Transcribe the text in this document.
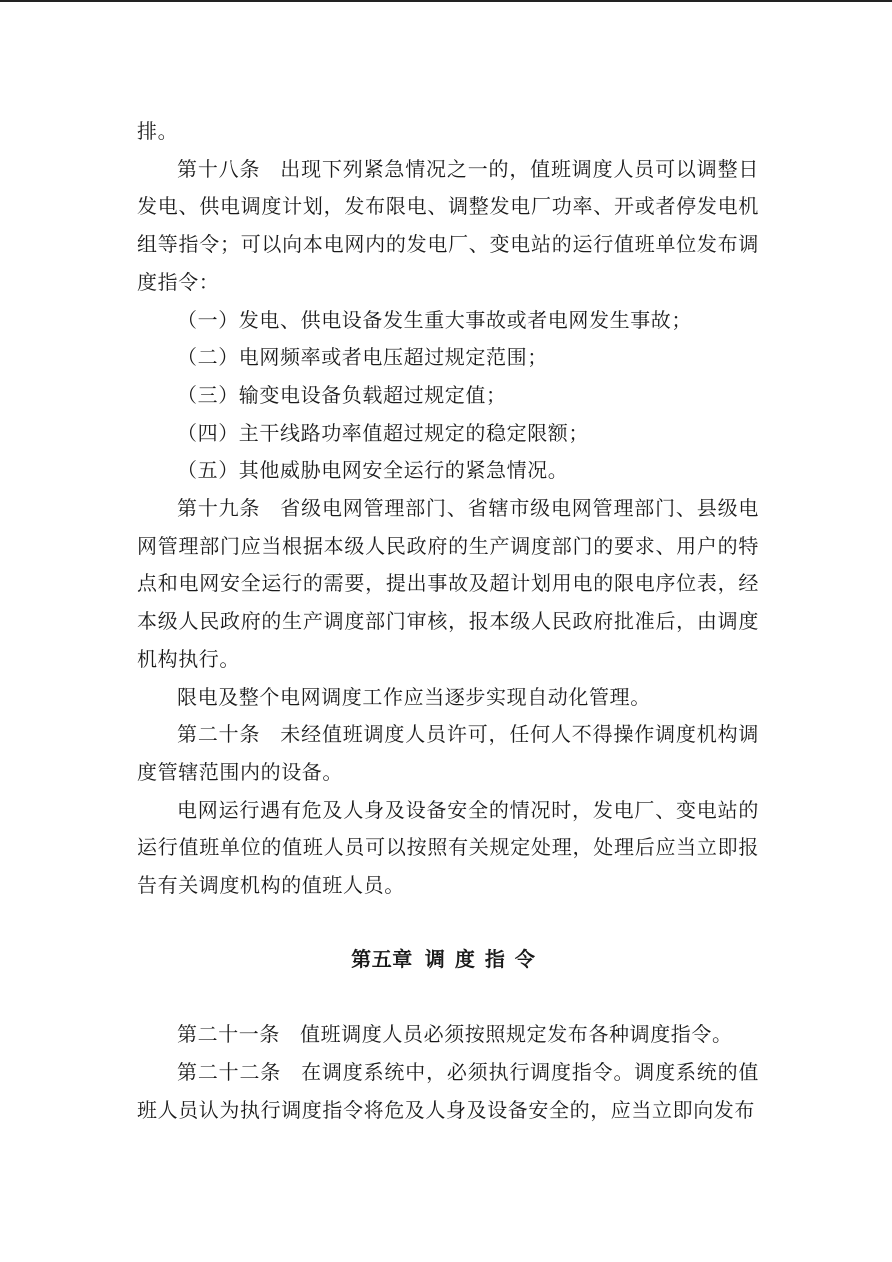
排。

第十八条 出现下列紧急情况之一的，值班调度人员可以调整日发电、供电调度计划，发布限电、调整发电厂功率、开或者停发电机组等指令；可以向本电网内的发电厂、变电站的运行值班单位发布调度指令：

（一）发电、供电设备发生重大事故或者电网发生事故；

（二）电网频率或者电压超过规定范围；

（三）输变电设备负载超过规定值；

（四）主干线路功率值超过规定的稳定限额；

（五）其他威胁电网安全运行的紧急情况。

第十九条 省级电网管理部门、省辖市级电网管理部门、县级电网管理部门应当根据本级人民政府的生产调度部门的要求、用户的特点和电网安全运行的需要，提出事故及超计划用电的限电序位表，经本级人民政府的生产调度部门审核，报本级人民政府批准后，由调度机构执行。

限电及整个电网调度工作应当逐步实现自动化管理。

第二十条 未经值班调度人员许可，任何人不得操作调度机构调度管辖范围内的设备。

电网运行遇有危及人身及设备安全的情况时，发电厂、变电站的运行值班单位的值班人员可以按照有关规定处理，处理后应当立即报告有关调度机构的值班人员。

第五章 调度指令

第二十一条 值班调度人员必须按照规定发布各种调度指令。

第二十二条 在调度系统中，必须执行调度指令。调度系统的值班人员认为执行调度指令将危及人身及设备安全的，应当立即向发布
